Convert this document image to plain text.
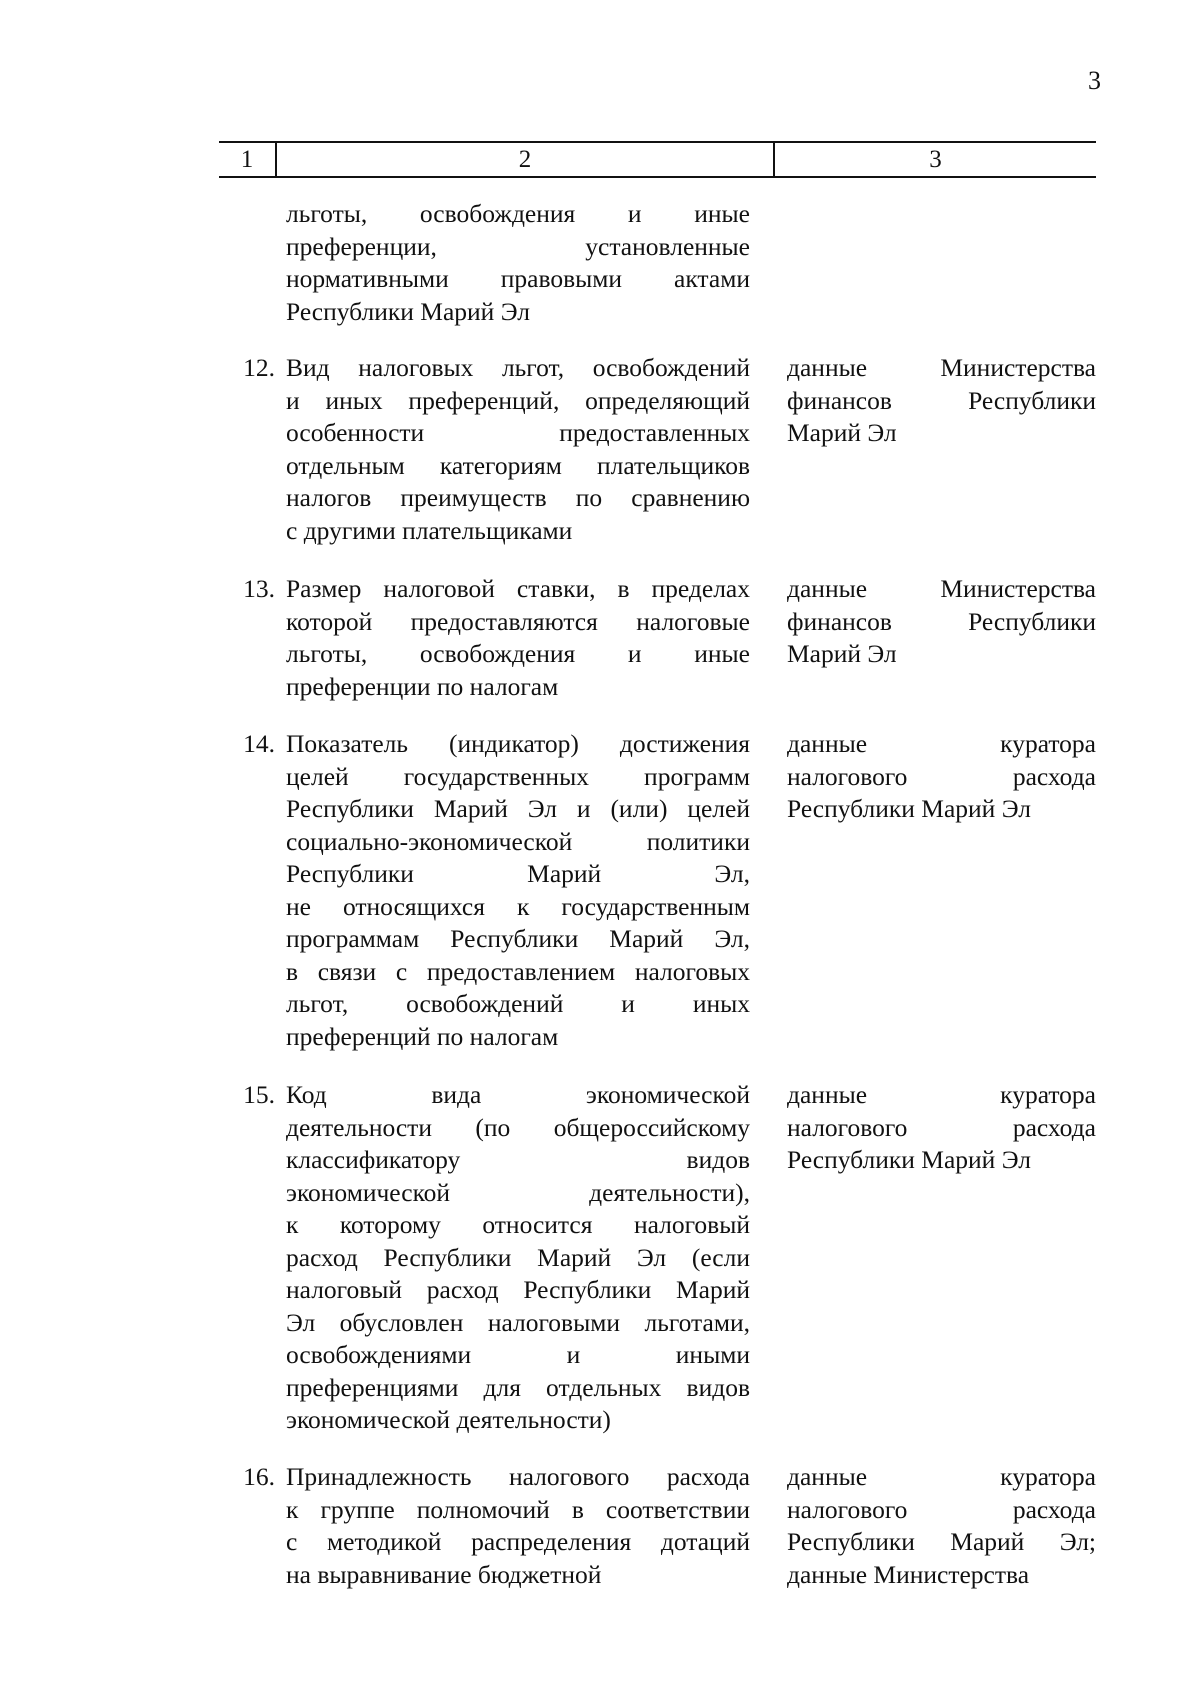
3
1	2	3
льготы, освобождения и иные
преференции, установленные
нормативными правовыми актами
Республики Марий Эл
12. Вид налоговых льгот, освобождений
и иных преференций, определяющий
особенности предоставленных
отдельным категориям плательщиков
налогов преимуществ по сравнению
с другими плательщиками
данные Министерства
финансов Республики
Марий Эл
13. Размер налоговой ставки, в пределах
которой предоставляются налоговые
льготы, освобождения и иные
преференции по налогам
данные Министерства
финансов Республики
Марий Эл
14. Показатель (индикатор) достижения
целей государственных программ
Республики Марий Эл и (или) целей
социально-экономической политики
Республики Марий Эл,
не относящихся к государственным
программам Республики Марий Эл,
в связи с предоставлением налоговых
льгот, освобождений и иных
преференций по налогам
данные куратора
налогового расхода
Республики Марий Эл
15. Код вида экономической
деятельности (по общероссийскому
классификатору видов
экономической деятельности),
к которому относится налоговый
расход Республики Марий Эл (если
налоговый расход Республики Марий
Эл обусловлен налоговыми льготами,
освобождениями и иными
преференциями для отдельных видов
экономической деятельности)
данные куратора
налогового расхода
Республики Марий Эл
16. Принадлежность налогового расхода
к группе полномочий в соответствии
с методикой распределения дотаций
на выравнивание бюджетной
данные куратора
налогового расхода
Республики Марий Эл;
данные Министерства
